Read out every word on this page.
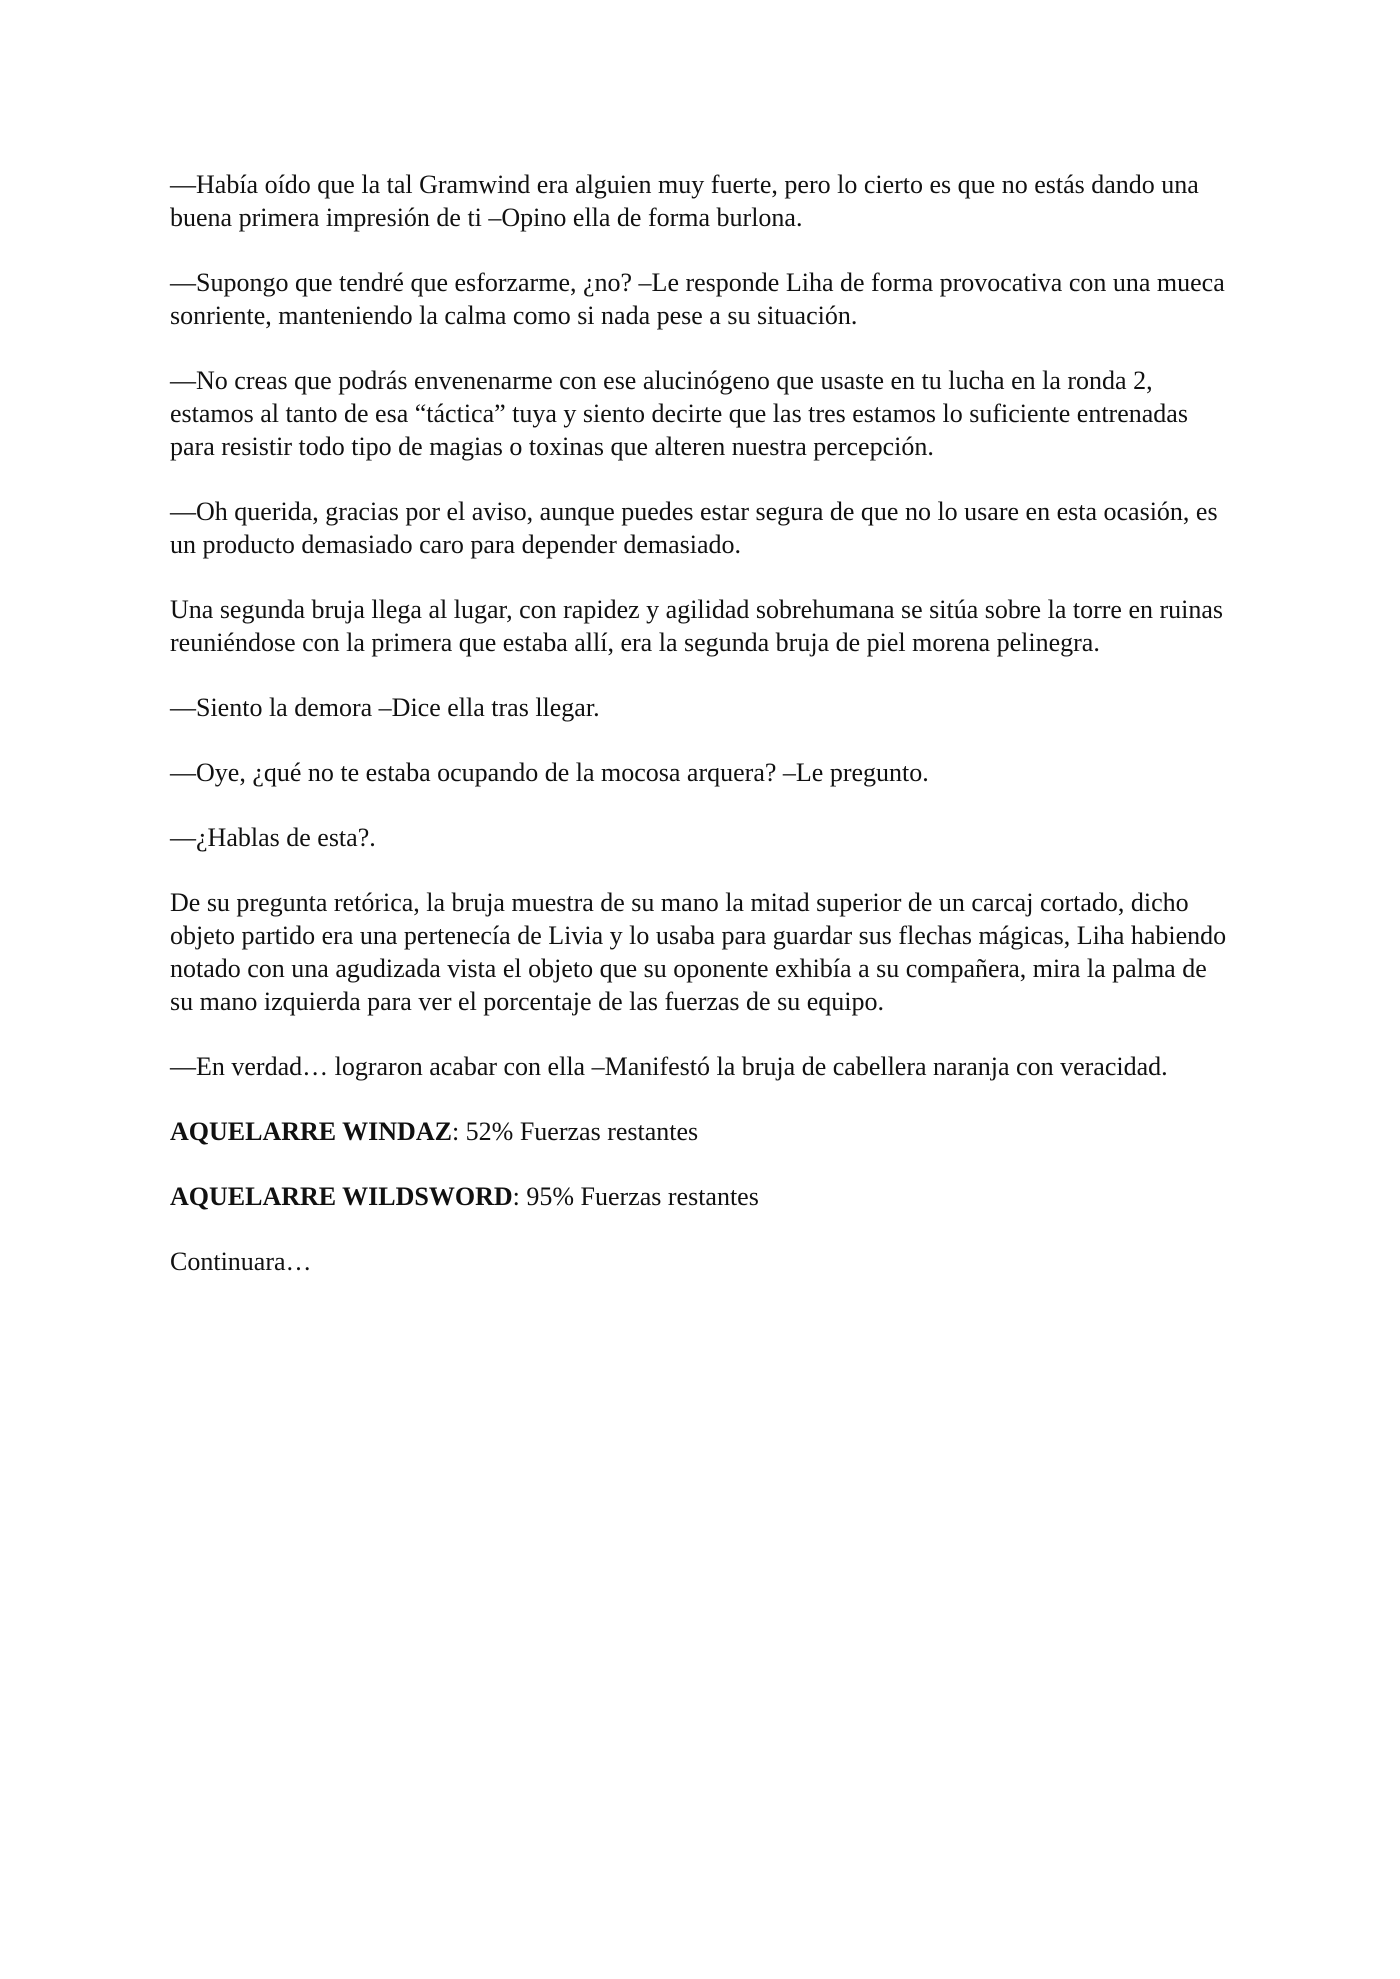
—Había oído que la tal Gramwind era alguien muy fuerte, pero lo cierto es que no estás dando una buena primera impresión de ti –Opino ella de forma burlona.

—Supongo que tendré que esforzarme, ¿no? –Le responde Liha de forma provocativa con una mueca sonriente, manteniendo la calma como si nada pese a su situación.

—No creas que podrás envenenarme con ese alucinógeno que usaste en tu lucha en la ronda 2, estamos al tanto de esa “táctica” tuya y siento decirte que las tres estamos lo suficiente entrenadas para resistir todo tipo de magias o toxinas que alteren nuestra percepción.

—Oh querida, gracias por el aviso, aunque puedes estar segura de que no lo usare en esta ocasión, es un producto demasiado caro para depender demasiado.

Una segunda bruja llega al lugar, con rapidez y agilidad sobrehumana se sitúa sobre la torre en ruinas reuniéndose con la primera que estaba allí, era la segunda bruja de piel morena pelinegra.

—Siento la demora –Dice ella tras llegar.

—Oye, ¿qué no te estaba ocupando de la mocosa arquera? –Le pregunto.

—¿Hablas de esta?.

De su pregunta retórica, la bruja muestra de su mano la mitad superior de un carcaj cortado, dicho objeto partido era una pertenecía de Livia y lo usaba para guardar sus flechas mágicas, Liha habiendo notado con una agudizada vista el objeto que su oponente exhibía a su compañera, mira la palma de su mano izquierda para ver el porcentaje de las fuerzas de su equipo.

—En verdad… lograron acabar con ella –Manifestó la bruja de cabellera naranja con veracidad.

AQUELARRE WINDAZ: 52% Fuerzas restantes

AQUELARRE WILDSWORD: 95% Fuerzas restantes

Continuara…
